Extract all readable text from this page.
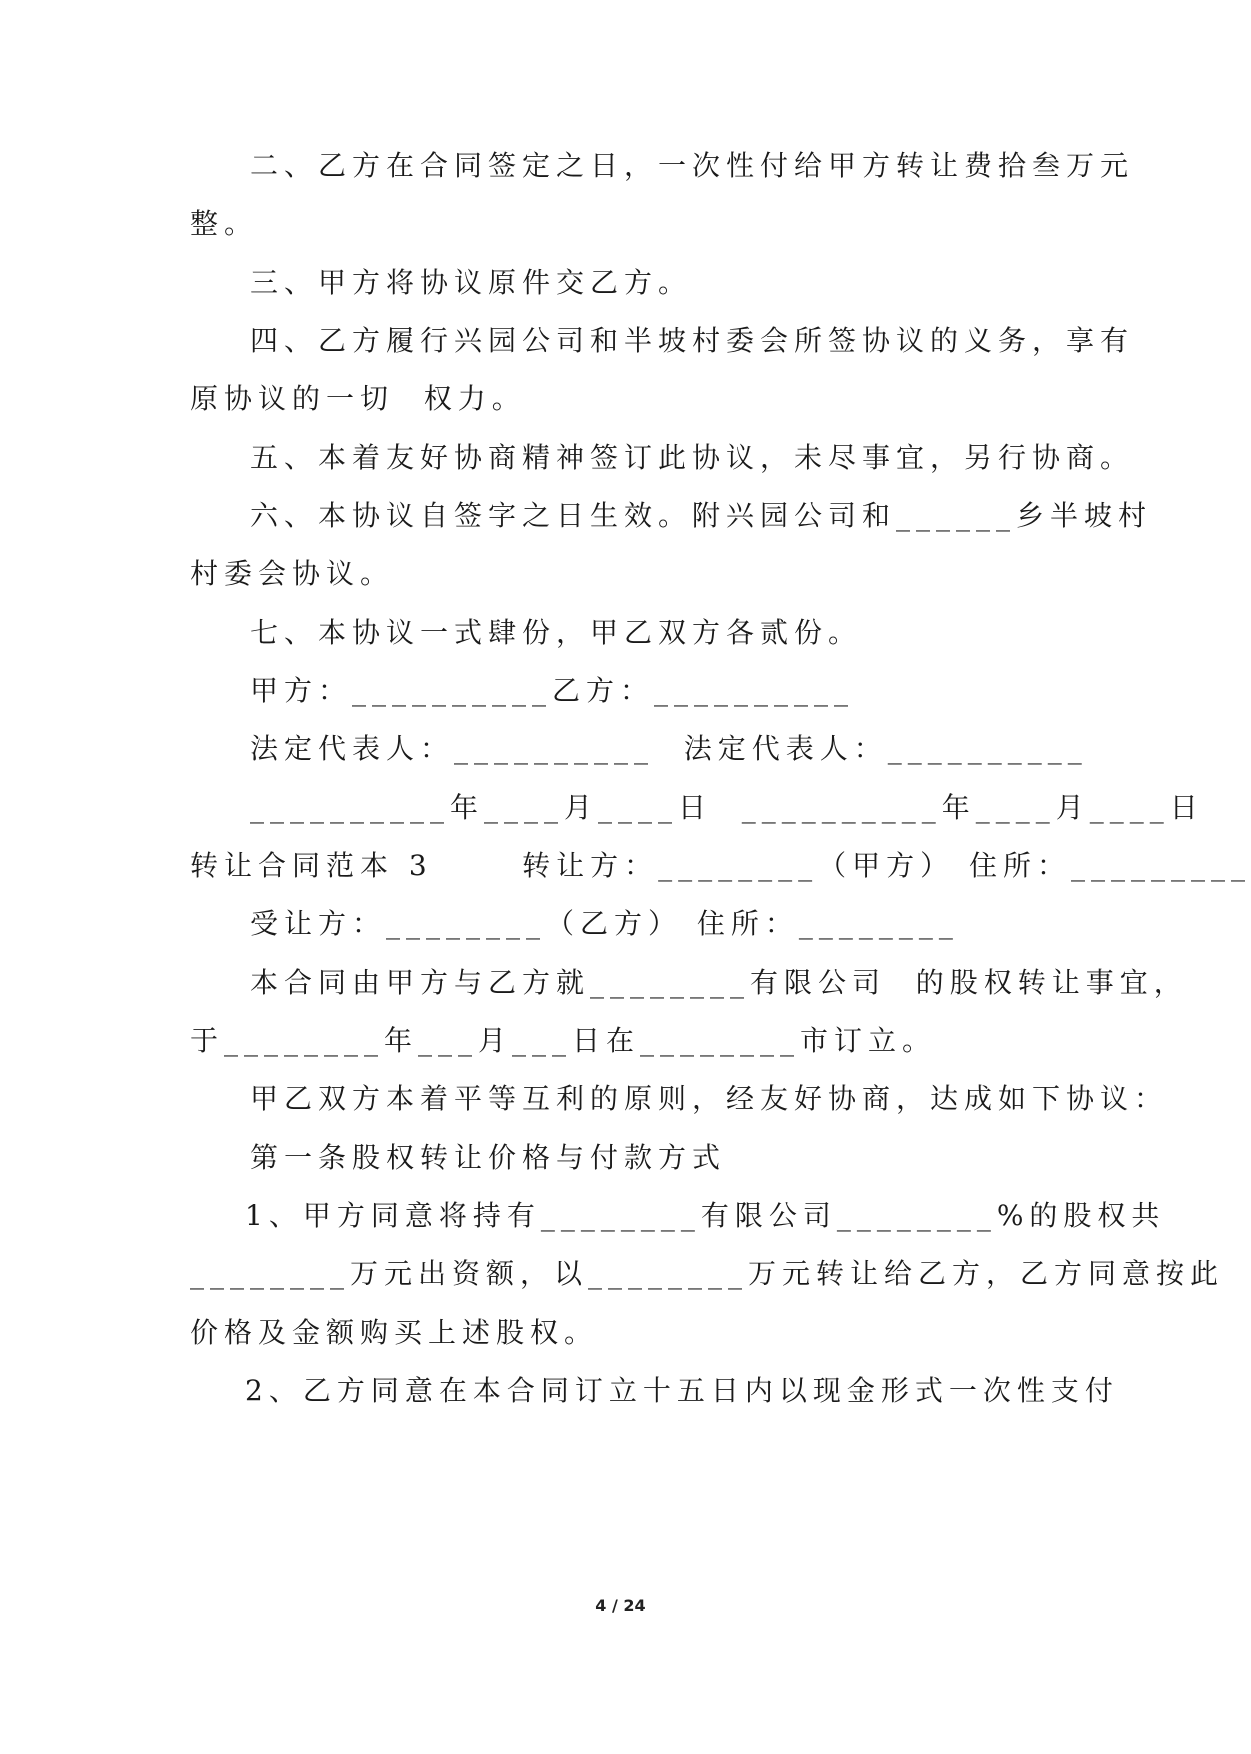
二、乙方在合同签定之日，一次性付给甲方转让费拾叁万元
整。
三、甲方将协议原件交乙方。
四、乙方履行兴园公司和半坡村委会所签协议的义务，享有
原协议的一切  权力。
五、本着友好协商精神签订此协议，未尽事宜，另行协商。
六、本协议自签字之日生效。附兴园公司和______乡半坡村
村委会协议。
七、本协议一式肆份，甲乙双方各贰份。
甲方：__________乙方：__________
法定代表人：__________  法定代表人：__________
__________年____月____日  __________年____月____日
转让合同范本 3      转让方：________（甲方） 住所：_________
受让方：________（乙方） 住所：________
本合同由甲方与乙方就________有限公司  的股权转让事宜，
于________年___月___日在________市订立。
甲乙双方本着平等互利的原则，经友好协商，达成如下协议：
第一条股权转让价格与付款方式
1、甲方同意将持有________有限公司________%的股权共
________万元出资额，以________万元转让给乙方，乙方同意按此
价格及金额购买上述股权。
2、乙方同意在本合同订立十五日内以现金形式一次性支付
4 / 24
